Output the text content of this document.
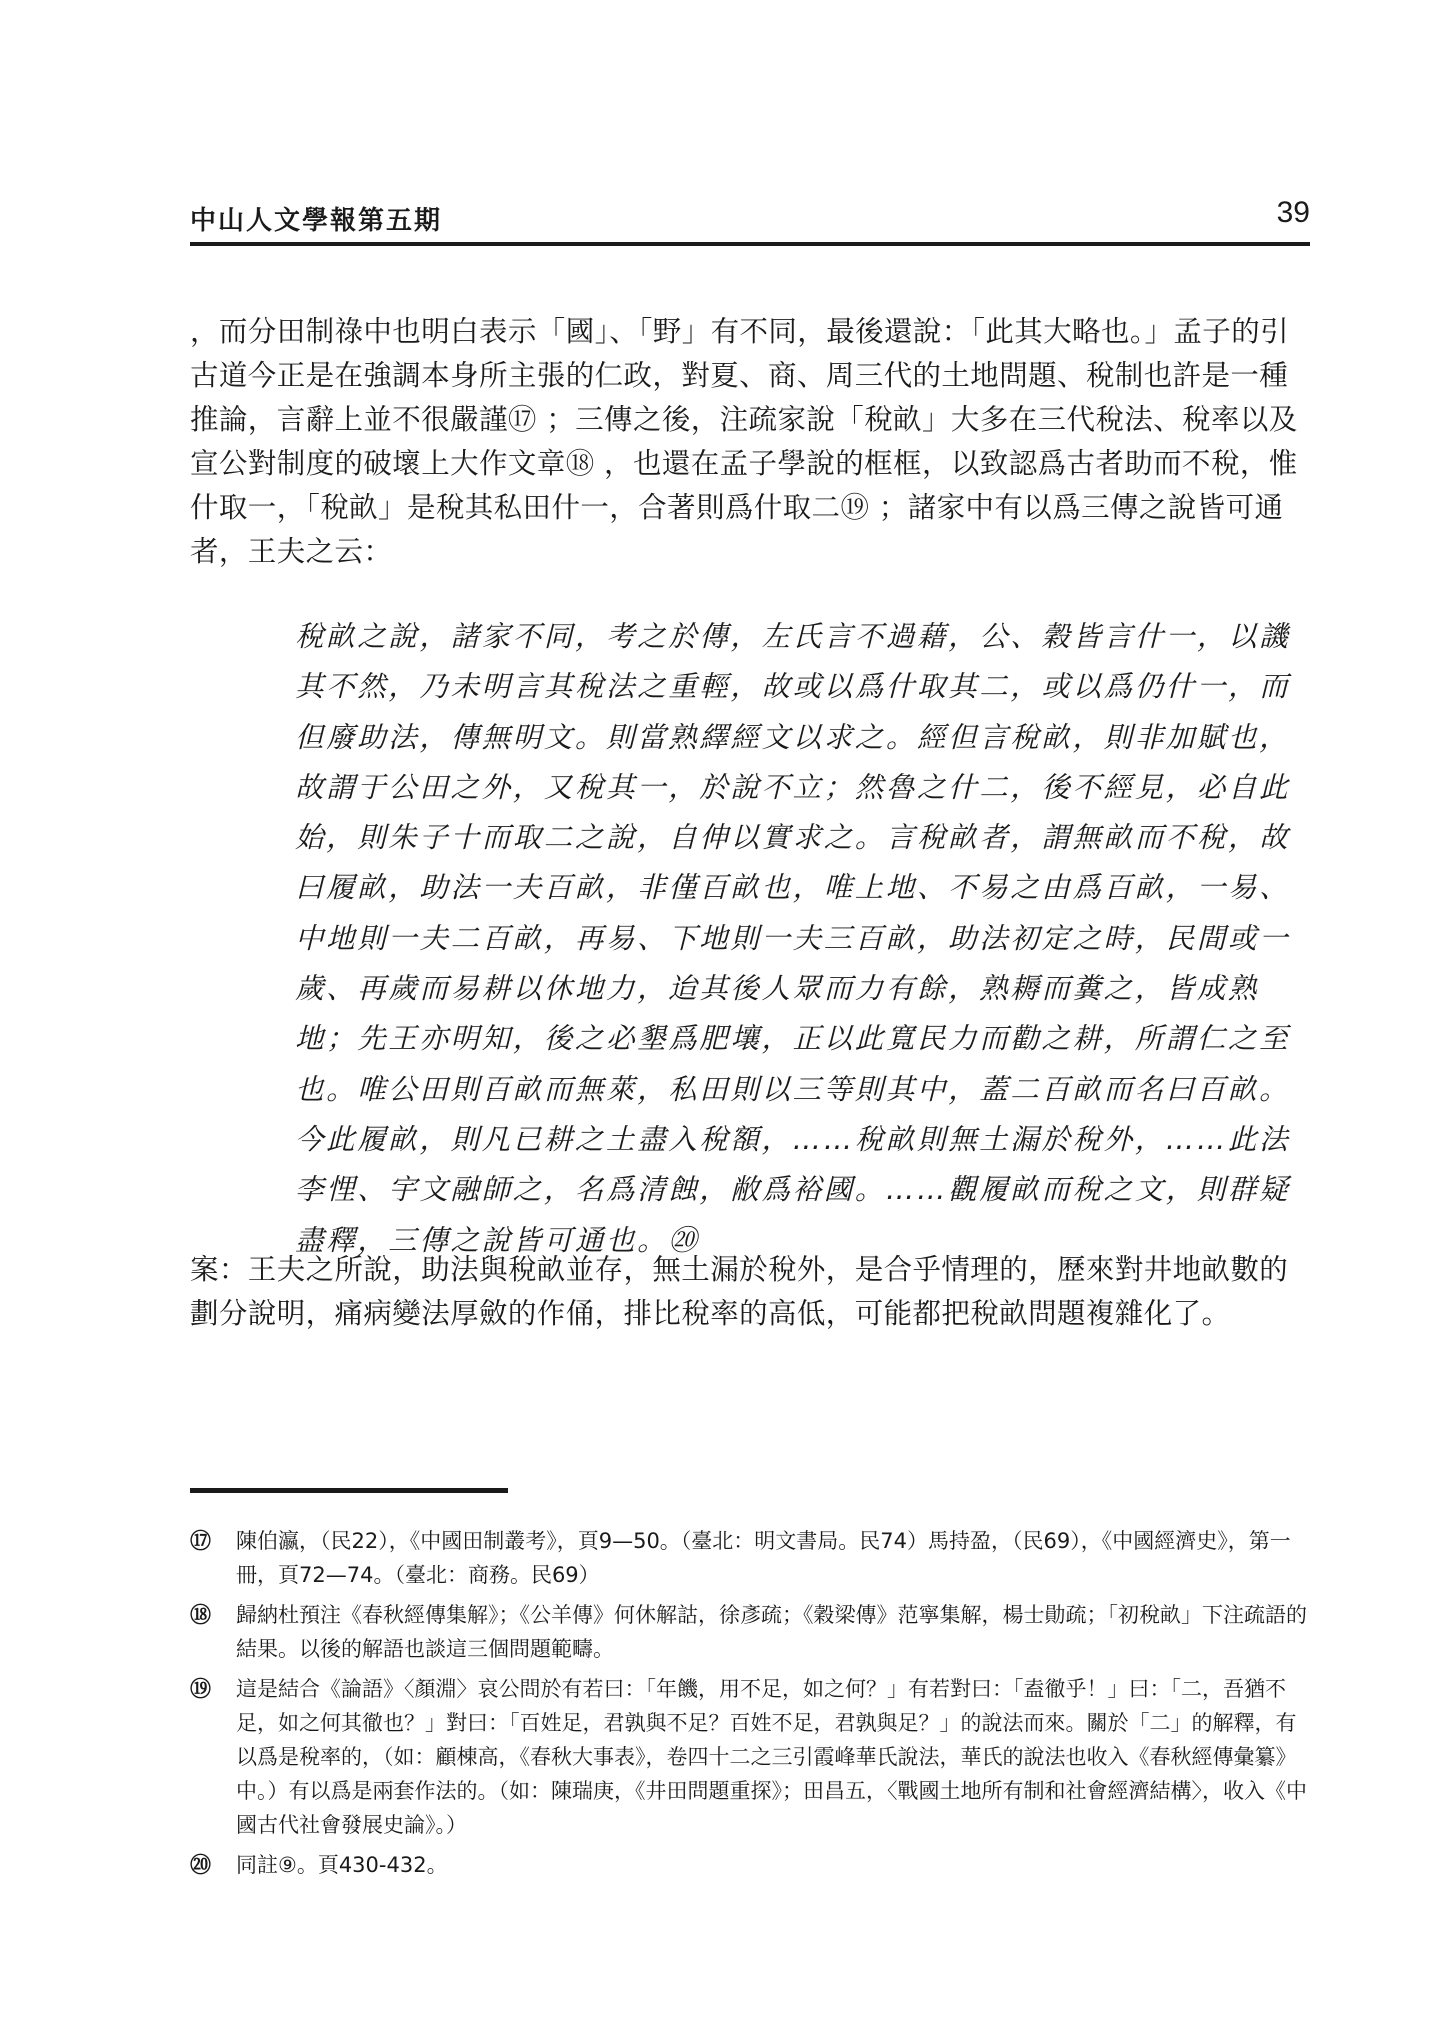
中山人文學報第五期	39

，而分田制祿中也明白表示「國」、「野」有不同，最後還說：「此其大略也。」孟子的引古道今正是在強調本身所主張的仁政，對夏、商、周三代的土地問題、稅制也許是一種推論，言辭上並不很嚴謹⑰ ；三傳之後，注疏家說「稅畝」大多在三代稅法、稅率以及宣公對制度的破壞上大作文章⑱ ，也還在孟子學說的框框，以致認爲古者助而不稅，惟什取一，「稅畝」是稅其私田什一，合著則爲什取二⑲ ；諸家中有以爲三傳之說皆可通者，王夫之云：

稅畝之說，諸家不同，考之於傳，左氏言不過藉，公、穀皆言什一，以譏其不然，乃未明言其稅法之重輕，故或以爲什取其二，或以爲仍什一，而但廢助法，傳無明文。則當熟繹經文以求之。經但言稅畝，則非加賦也，故謂于公田之外，又稅其一，於說不立；然魯之什二，後不經見，必自此始，則朱子十而取二之說，自伸以實求之。言稅畝者，謂無畝而不稅，故曰履畝，助法一夫百畝，非僅百畝也，唯上地、不易之由爲百畝，一易、中地則一夫二百畝，再易、下地則一夫三百畝，助法初定之時，民間或一歲、再歲而易耕以休地力，迨其後人眾而力有餘，熟耨而糞之，皆成熟地；先王亦明知，後之必墾爲肥壤，正以此寬民力而勸之耕，所謂仁之至也。唯公田則百畝而無萊，私田則以三等則其中，蓋二百畝而名曰百畝。今此履畝，則凡已耕之土盡入稅額，……稅畝則無土漏於稅外，……此法李悝、宇文融師之，名爲清蝕，敝爲裕國。……觀履畝而稅之文，則群疑盡釋，三傳之說皆可通也。⑳

案：王夫之所說，助法與稅畝並存，無土漏於稅外，是合乎情理的，歷來對井地畝數的劃分說明，痛病變法厚斂的作俑，排比稅率的高低，可能都把稅畝問題複雜化了。

⑰	陳伯瀛，（民22），《中國田制叢考》，頁9—50。（臺北：明文書局。民74）馬持盈，（民69），《中國經濟史》，第一冊，頁72—74。（臺北：商務。民69）

⑱	歸納杜預注《春秋經傳集解》；《公羊傳》何休解詁，徐彥疏；《穀梁傳》范寧集解，楊士勛疏；「初稅畝」下注疏語的結果。以後的解語也談這三個問題範疇。

⑲	這是結合《論語》〈顏淵〉哀公問於有若曰：「年饑，用不足，如之何？」有若對曰：「盍徹乎！」曰：「二，吾猶不足，如之何其徹也？」對曰：「百姓足，君孰與不足？百姓不足，君孰與足？」的說法而來。關於「二」的解釋，有以爲是稅率的，（如：顧棟高，《春秋大事表》，卷四十二之三引霞峰華氏說法，華氏的說法也收入《春秋經傳彙纂》中。）有以爲是兩套作法的。（如：陳瑞庚，《井田問題重探》；田昌五，〈戰國土地所有制和社會經濟結構〉，收入《中國古代社會發展史論》。）

⑳	同註⑨。頁430-432。
